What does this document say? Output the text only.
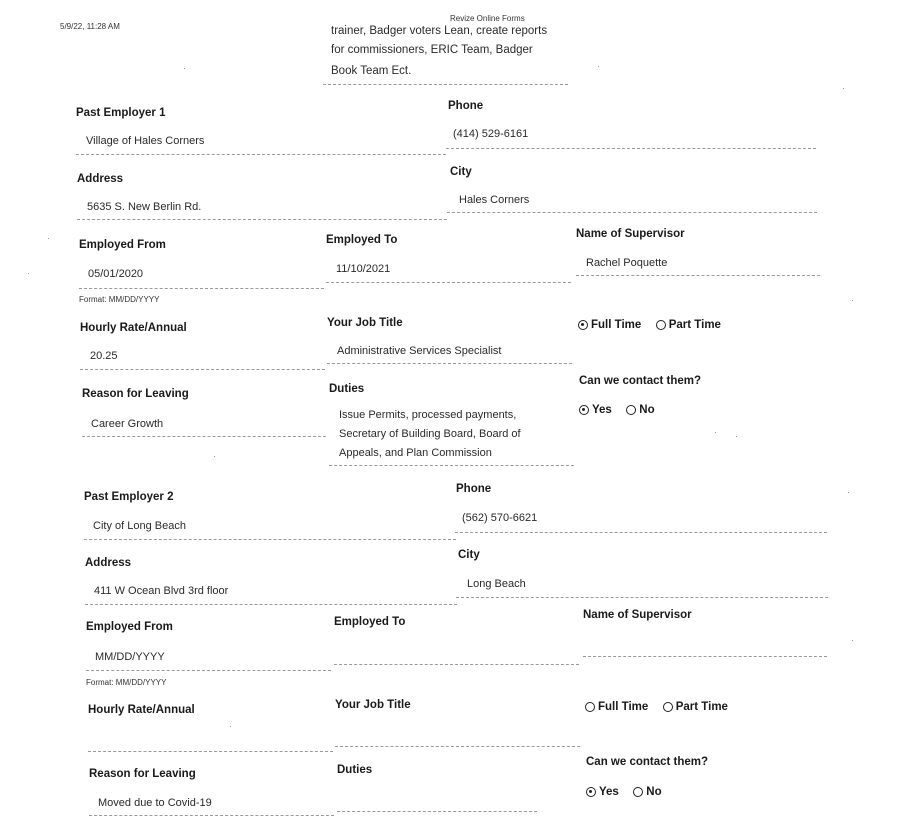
5/9/22, 11:28 AM
Revize Online Forms
trainer, Badger voters Lean, create reports
for commissioners, ERIC Team, Badger
Book Team Ect.
Past Employer 1
Village of Hales Corners
Phone
(414) 529-6161
Address
5635 S. New Berlin Rd.
City
Hales Corners
Employed From
05/01/2020
Format: MM/DD/YYYY
Employed To
11/10/2021
Name of Supervisor
Rachel Poquette
Hourly Rate/Annual
20.25
Your Job Title
Administrative Services Specialist
Full Time Part Time
Reason for Leaving
Career Growth
Duties
Issue Permits, processed payments,
Secretary of Building Board, Board of
Appeals, and Plan Commission
Can we contact them?
Yes No
Past Employer 2
City of Long Beach
Phone
(562) 570-6621
Address
411 W Ocean Blvd 3rd floor
City
Long Beach
Employed From
MM/DD/YYYY
Format: MM/DD/YYYY
Employed To
Name of Supervisor
Hourly Rate/Annual	Your Job Title	Full Time Part Time
Reason for Leaving
Moved due to Covid-19
Duties
Can we contact them?
Yes No
